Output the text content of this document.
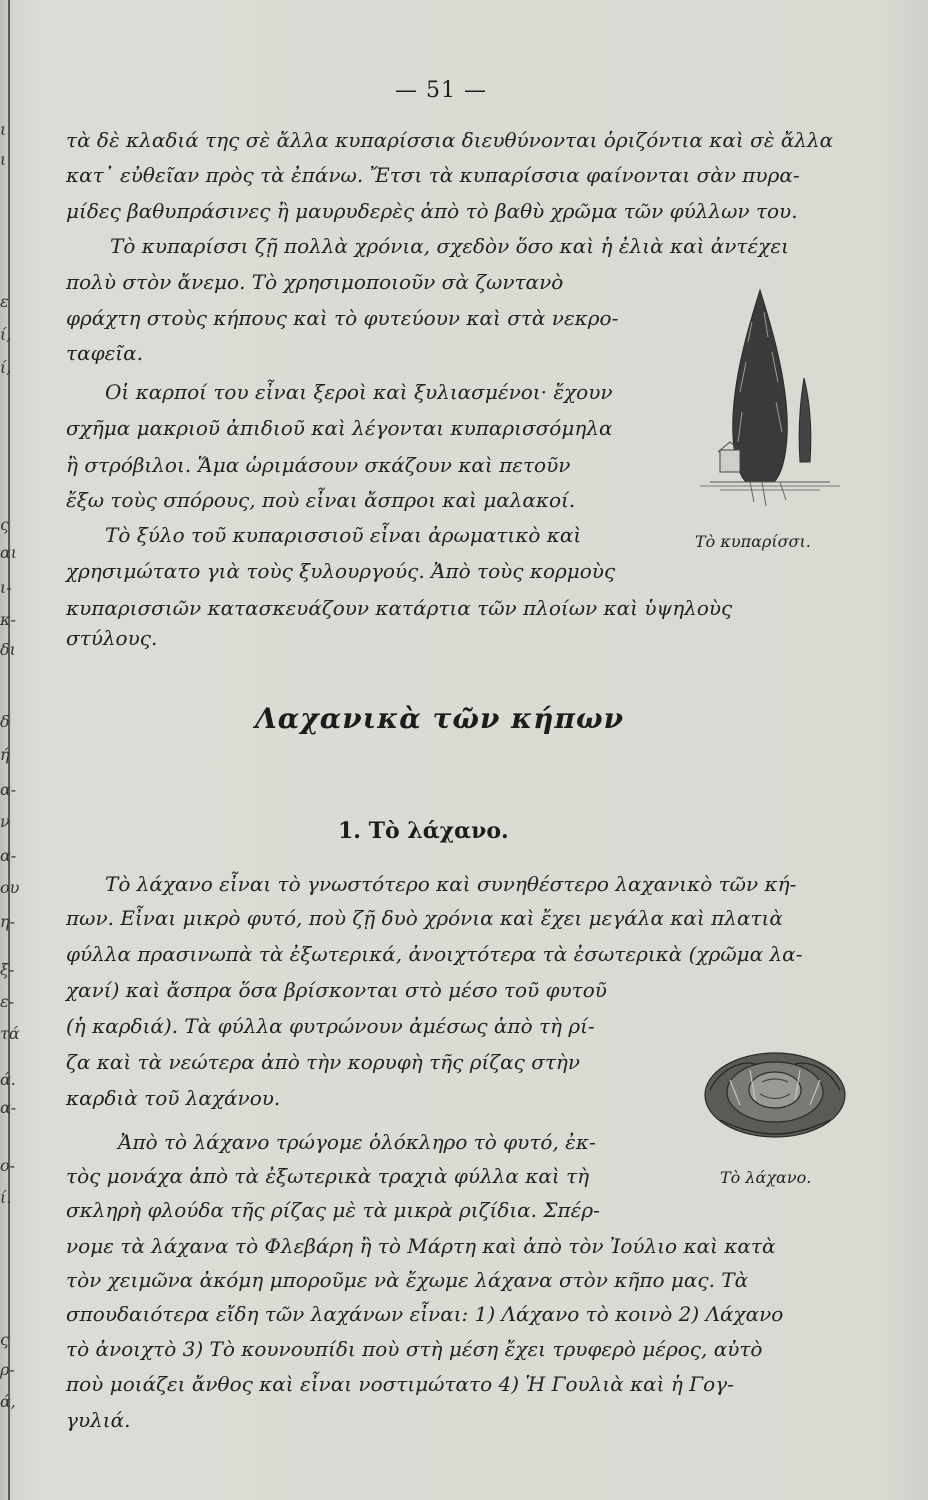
ι
ι
ε
ί,
ί,
ς
αι
ι-
κ-
δι
δ
ή
α-
ν
α-
ου
η-
ξ-
ε-
τά
ά.
α-
ο-
ί.
ς
ρ-
ά,
— 51 —
τὰ δὲ κλαδιά της σὲ ἄλλα κυπαρίσσια διευθύνονται ὁριζόντια καὶ σὲ ἄλλα
κατ᾽ εὐθεῖαν πρὸς τὰ ἐπάνω. Ἔτσι τὰ κυπαρίσσια φαίνονται σὰν πυρα-
μίδες βαθυπράσινες ἢ μαυρυδερὲς ἀπὸ τὸ βαθὺ χρῶμα τῶν φύλλων του.
Τὸ κυπαρίσσι ζῇ πολλὰ χρόνια, σχεδὸν ὅσο καὶ ἡ ἐλιὰ καὶ ἀντέχει
πολὺ στὸν ἄνεμο. Τὸ χρησιμοποιοῦν σὰ ζωντανὸ
φράχτη στοὺς κήπους καὶ τὸ φυτεύουν καὶ στὰ νεκρο-
ταφεῖα.
Οἱ καρποί του εἶναι ξεροὶ καὶ ξυλιασμένοι· ἔχουν
σχῆμα μακριοῦ ἀπιδιοῦ καὶ λέγονται κυπαρισσόμηλα
ἢ στρόβιλοι. Ἅμα ὡριμάσουν σκάζουν καὶ πετοῦν
ἔξω τοὺς σπόρους, ποὺ εἶναι ἄσπροι καὶ μαλακοί.
Τὸ ξύλο τοῦ κυπαρισσιοῦ εἶναι ἀρωματικὸ καὶ
χρησιμώτατο γιὰ τοὺς ξυλουργούς. Ἀπὸ τοὺς κορμοὺς
κυπαρισσιῶν κατασκευάζουν κατάρτια τῶν πλοίων καὶ ὑψηλοὺς
στύλους.
Τὸ κυπαρίσσι.
Λαχανικὰ τῶν κήπων
1. Τὸ λάχανο.
Τὸ λάχανο εἶναι τὸ γνωστότερο καὶ συνηθέστερο λαχανικὸ τῶν κή-
πων. Εἶναι μικρὸ φυτό, ποὺ ζῇ δυὸ χρόνια καὶ ἔχει μεγάλα καὶ πλατιὰ
φύλλα πρασινωπὰ τὰ ἐξωτερικά, ἀνοιχτότερα τὰ ἐσωτερικὰ (χρῶμα λα-
χανί) καὶ ἄσπρα ὅσα βρίσκονται στὸ μέσο τοῦ φυτοῦ
(ἡ καρδιά). Τὰ φύλλα φυτρώνουν ἀμέσως ἀπὸ τὴ ρί-
ζα καὶ τὰ νεώτερα ἀπὸ τὴν κορυφὴ τῆς ρίζας στὴν
καρδιὰ τοῦ λαχάνου.
Ἀπὸ τὸ λάχανο τρώγομε ὁλόκληρο τὸ φυτό, ἐκ-
τὸς μονάχα ἀπὸ τὰ ἐξωτερικὰ τραχιὰ φύλλα καὶ τὴ
σκληρὴ φλούδα τῆς ρίζας μὲ τὰ μικρὰ ριζίδια. Σπέρ-
νομε τὰ λάχανα τὸ Φλεβάρη ἢ τὸ Μάρτη καὶ ἀπὸ τὸν Ἰούλιο καὶ κατὰ
τὸν χειμῶνα ἀκόμη μποροῦμε νὰ ἔχωμε λάχανα στὸν κῆπο μας. Τὰ
σπουδαιότερα εἴδη τῶν λαχάνων εἶναι: 1) Λάχανο τὸ κοινὸ 2) Λάχανο
τὸ ἀνοιχτὸ 3) Τὸ κουνουπίδι ποὺ στὴ μέση ἔχει τρυφερὸ μέρος, αὐτὸ
ποὺ μοιάζει ἄνθος καὶ εἶναι νοστιμώτατο 4) Ἡ Γουλιὰ καὶ ἡ Γογ-
γυλιά.
Τὸ λάχανο.
